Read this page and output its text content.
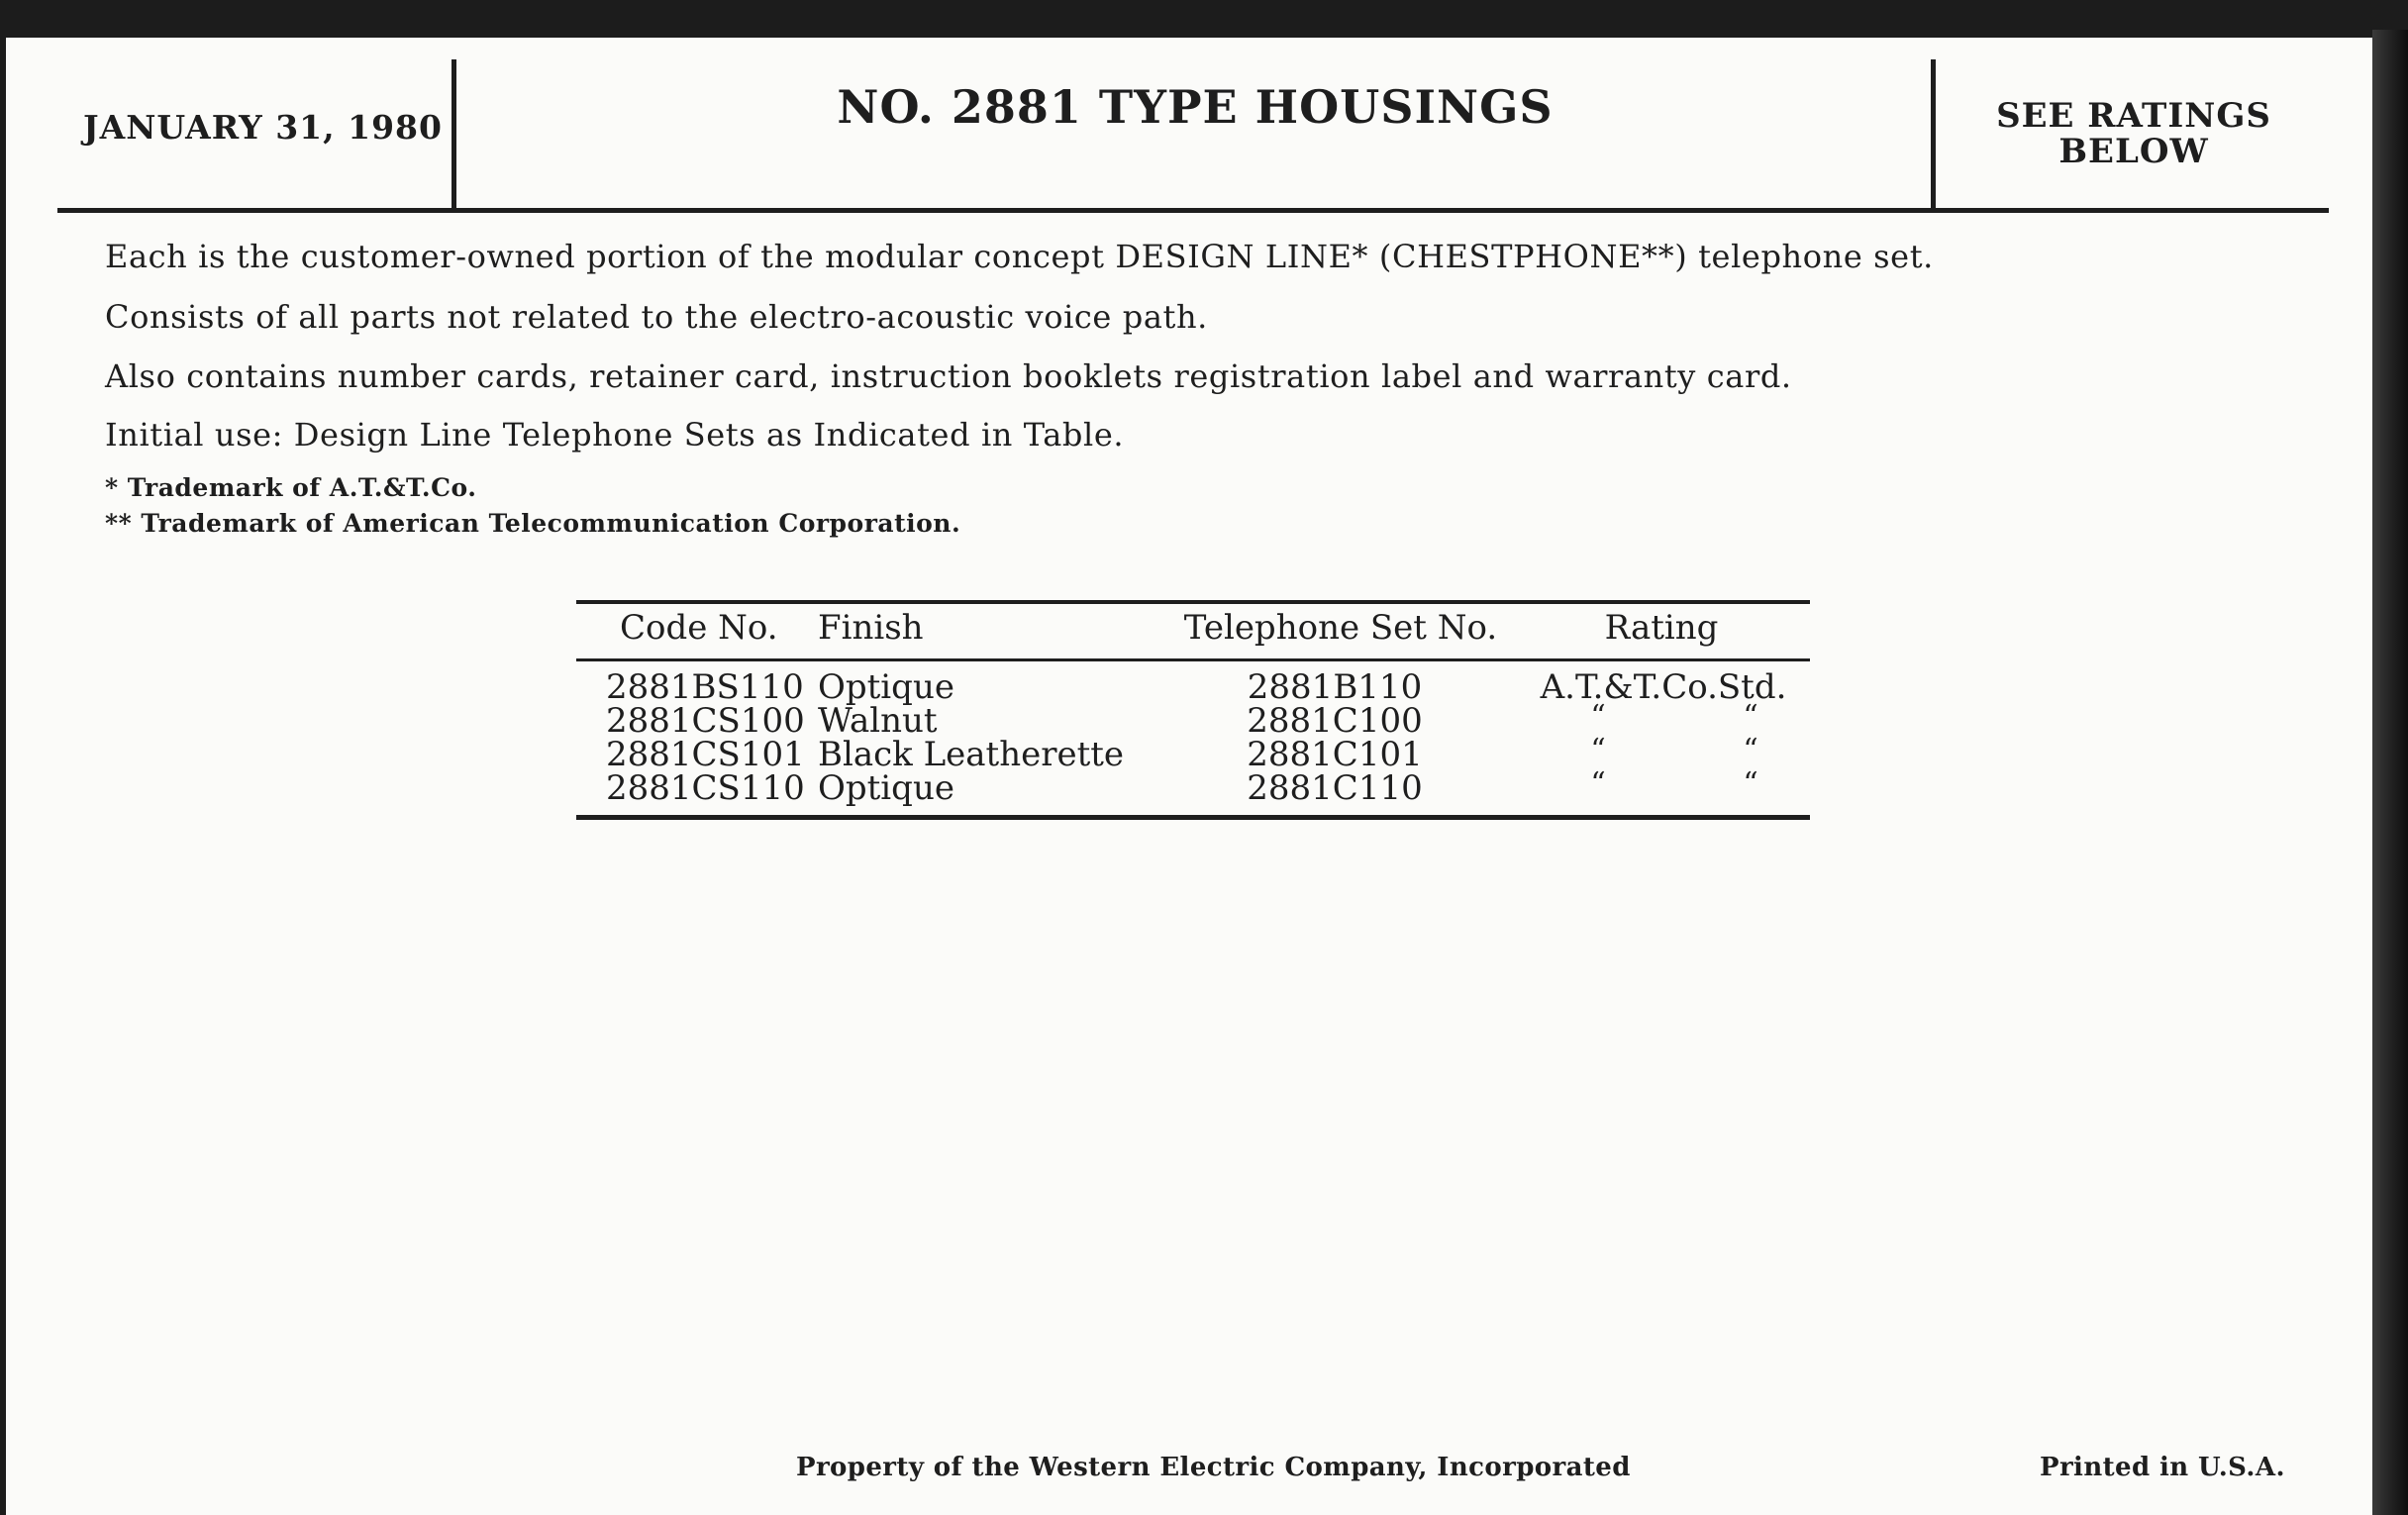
JANUARY 31, 1980	NO. 2881 TYPE HOUSINGS	SEE RATINGS
BELOW
Each is the customer-owned portion of the modular concept DESIGN LINE* (CHESTPHONE**) telephone set.
Consists of all parts not related to the electro-acoustic voice path.
Also contains number cards, retainer card, instruction booklets registration label and warranty card.
Initial use: Design Line Telephone Sets as Indicated in Table.
* Trademark of A.T.&T.Co.
** Trademark of American Telecommunication Corporation.
Code No. Finish	Telephone Set No.	Rating
2881BS110 Optique	2881B110	A.T.&T.Co.Std.
2881CS100 Walnut	2881C100	“	“
2881CS101 Black Leatherette	2881C101	“	“
2881CS110 Optique	2881C110	“	“
Property of the Western Electric Company, Incorporated	Printed in U.S.A.
